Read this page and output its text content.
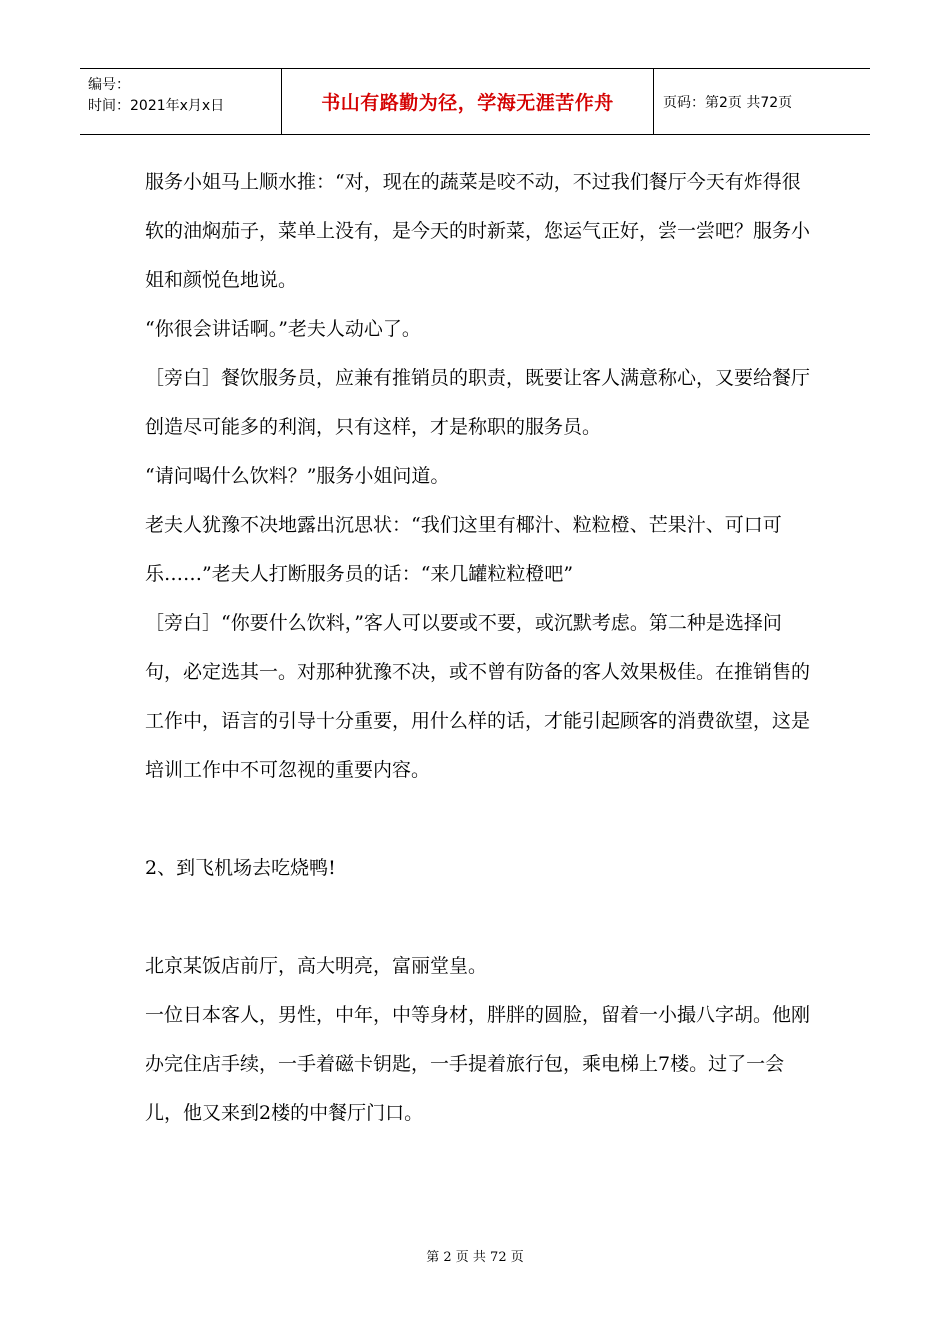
编号：
时间：2021年x月x日	书山有路勤为径，学海无涯苦作舟	页码：第2页 共72页

服务小姐马上顺水推：“对，现在的蔬菜是咬不动，不过我们餐厅今天有炸得很软的油焖茄子，菜单上没有，是今天的时新菜，您运气正好，尝一尝吧？服务小姐和颜悦色地说。

“你很会讲话啊。”老夫人动心了。

［旁白］餐饮服务员，应兼有推销员的职责，既要让客人满意称心，又要给餐厅创造尽可能多的利润，只有这样，才是称职的服务员。

“请问喝什么饮料？”服务小姐问道。

老夫人犹豫不决地露出沉思状：“我们这里有椰汁、粒粒橙、芒果汁、可口可乐……”老夫人打断服务员的话：“来几罐粒粒橙吧”

［旁白］“你要什么饮料，”客人可以要或不要，或沉默考虑。第二种是选择问句，必定选其一。对那种犹豫不决，或不曾有防备的客人效果极佳。在推销售的工作中，语言的引导十分重要，用什么样的话，才能引起顾客的消费欲望，这是培训工作中不可忽视的重要内容。

2、到飞机场去吃烧鸭!

北京某饭店前厅，高大明亮，富丽堂皇。

一位日本客人，男性，中年，中等身材，胖胖的圆脸，留着一小撮八字胡。他刚办完住店手续，一手着磁卡钥匙，一手提着旅行包，乘电梯上7楼。过了一会儿，他又来到2楼的中餐厅门口。

第 2 页 共 72 页
